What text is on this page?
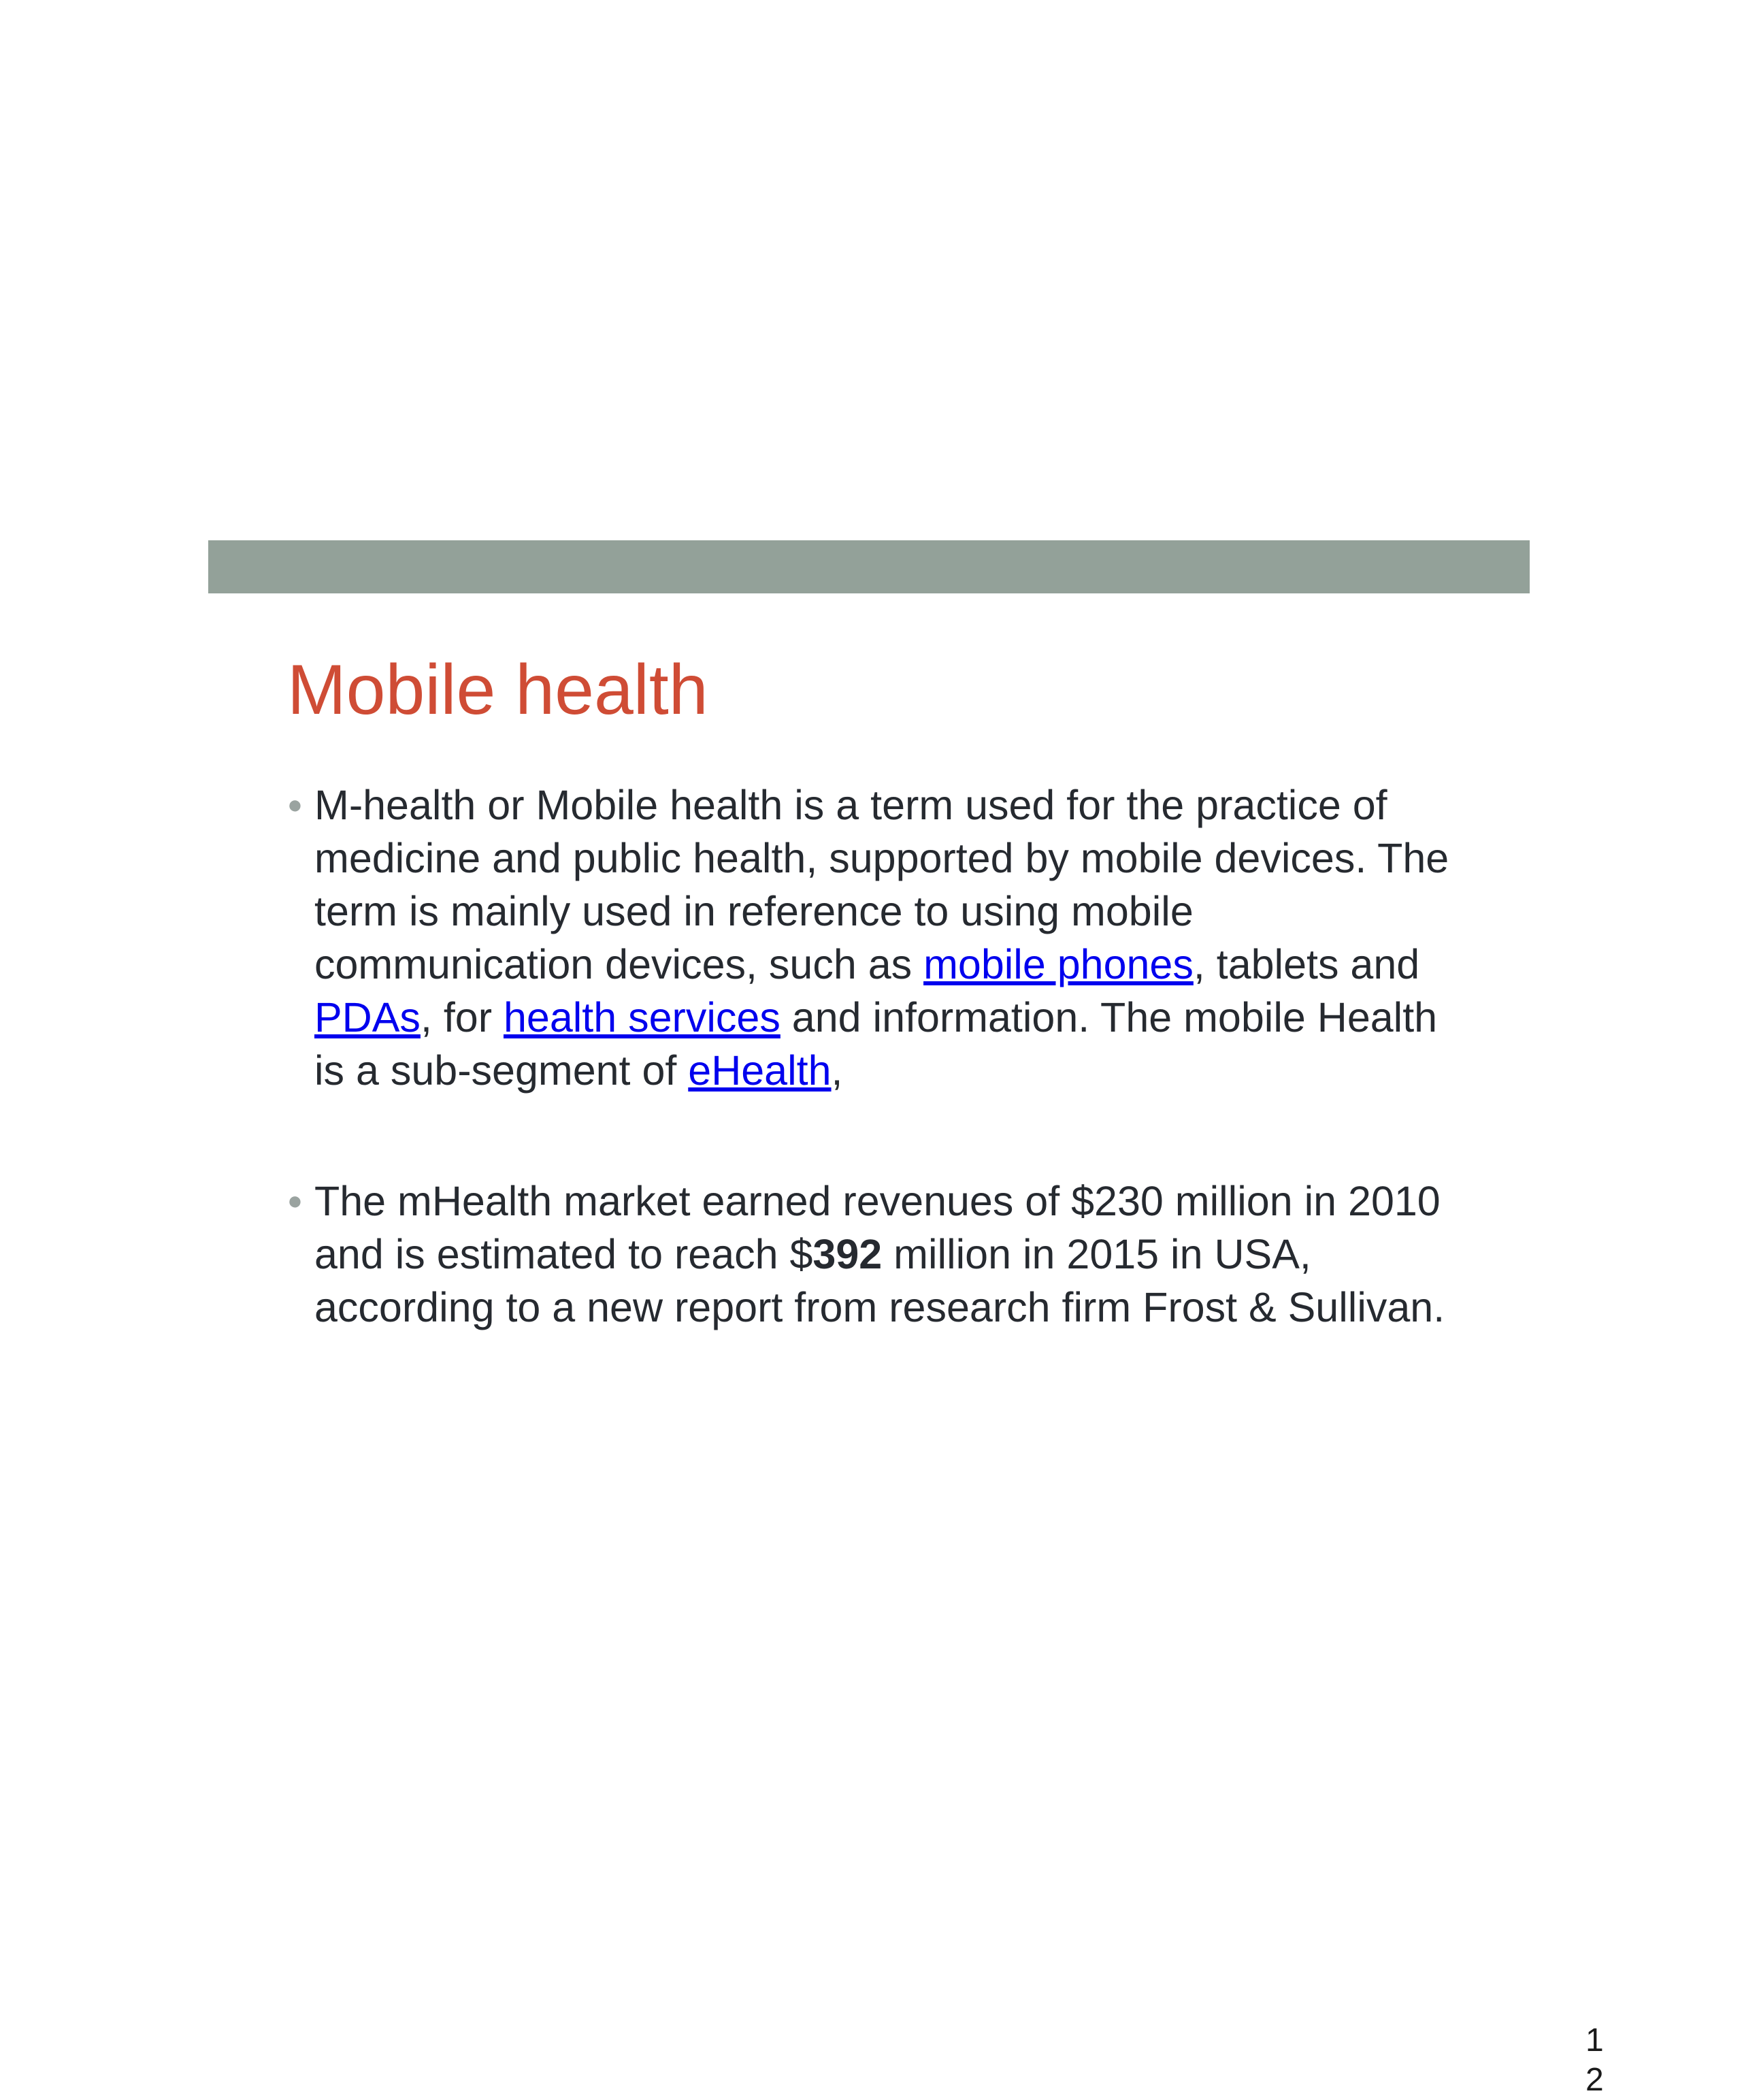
Mobile health
● M-health or Mobile health is a term used for the practice of medicine and public health, supported by mobile devices. The term is mainly used in reference to using mobile communication devices, such as mobile phones, tablets and PDAs, for health services and information. The mobile Health is a sub-segment of eHealth,
● The mHealth market earned revenues of $230 million in 2010 and is estimated to reach $392 million in 2015 in USA, according to a new report from research firm Frost & Sullivan.
12
